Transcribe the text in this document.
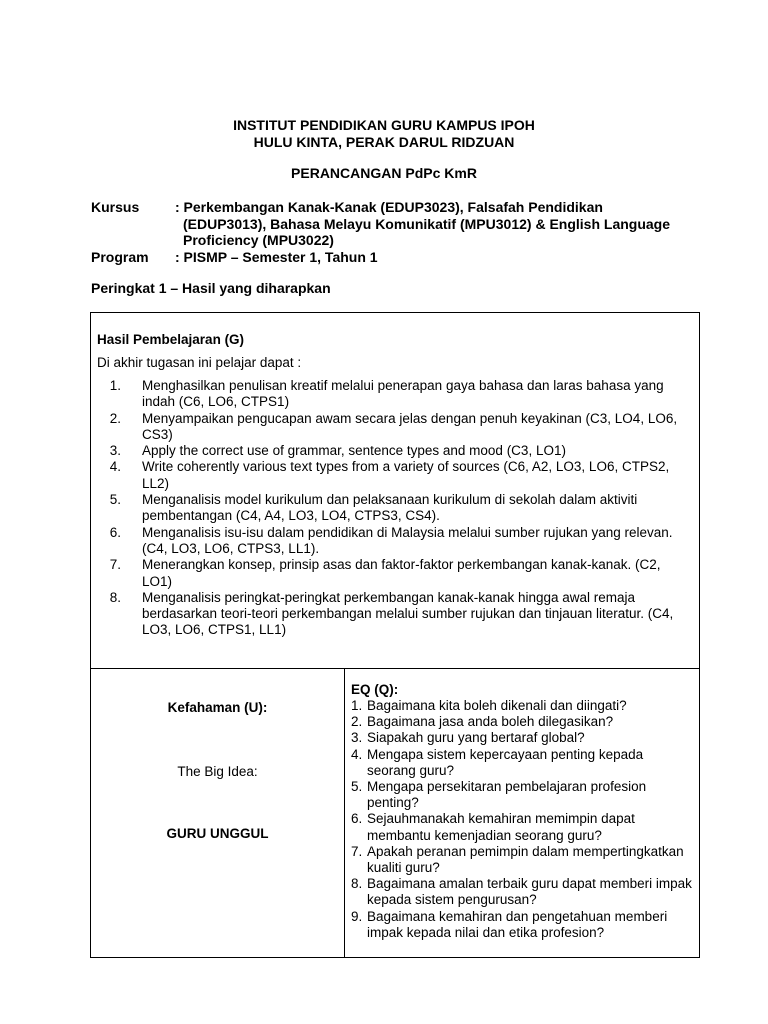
INSTITUT PENDIDIKAN GURU KAMPUS IPOH
HULU KINTA, PERAK DARUL RIDZUAN
PERANCANGAN PdPc KmR
Kursus	: Perkembangan Kanak-Kanak (EDUP3023), Falsafah Pendidikan
(EDUP3013), Bahasa Melayu Komunikatif (MPU3012) & English Language
Proficiency (MPU3022)
Program	: PISMP – Semester 1, Tahun 1
Peringkat 1 – Hasil yang diharapkan
Hasil Pembelajaran (G)
Di akhir tugasan ini pelajar dapat :
1.	Menghasilkan penulisan kreatif melalui penerapan gaya bahasa dan laras bahasa yang indah (C6, LO6, CTPS1)
2.	Menyampaikan pengucapan awam secara jelas dengan penuh keyakinan (C3, LO4, LO6, CS3)
3.	Apply the correct use of grammar, sentence types and mood (C3, LO1)
4.	Write coherently various text types from a variety of sources (C6, A2, LO3, LO6, CTPS2, LL2)
5.	Menganalisis model kurikulum dan pelaksanaan kurikulum di sekolah dalam aktiviti pembentangan (C4, A4, LO3, LO4, CTPS3, CS4).
6.	Menganalisis isu-isu dalam pendidikan di Malaysia melalui sumber rujukan yang relevan. (C4, LO3, LO6, CTPS3, LL1).
7.	Menerangkan konsep, prinsip asas dan faktor-faktor perkembangan kanak-kanak. (C2, LO1)
8.	Menganalisis peringkat-peringkat perkembangan kanak-kanak hingga awal remaja berdasarkan teori-teori perkembangan melalui sumber rujukan dan tinjauan literatur. (C4, LO3, LO6, CTPS1, LL1)
Kefahaman (U):
The Big Idea:
GURU UNGGUL
EQ (Q):
1. Bagaimana kita boleh dikenali dan diingati?
2. Bagaimana jasa anda boleh dilegasikan?
3. Siapakah guru yang bertaraf global?
4. Mengapa sistem kepercayaan penting kepada seorang guru?
5. Mengapa persekitaran pembelajaran profesion penting?
6. Sejauhmanakah kemahiran memimpin dapat membantu kemenjadian seorang guru?
7. Apakah peranan pemimpin dalam mempertingkatkan kualiti guru?
8. Bagaimana amalan terbaik guru dapat memberi impak kepada sistem pengurusan?
9. Bagaimana kemahiran dan pengetahuan memberi impak kepada nilai dan etika profesion?
